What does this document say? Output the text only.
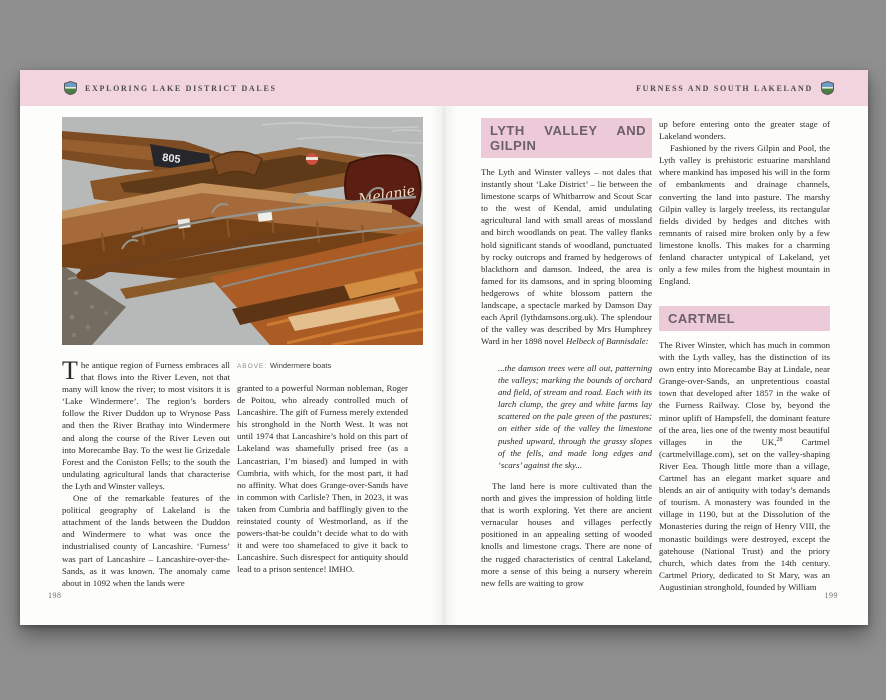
EXPLORING LAKE DISTRICT DALES	FURNESS AND SOUTH LAKELAND
805
Melanie
ABOVE: Windermere boats

The antique region of Furness embraces all that flows into the River Leven, not that many will know the river; to most visitors it is ‘Lake Windermere’. The region’s borders follow the River Duddon up to Wrynose Pass and then the River Brathay into Windermere and along the course of the River Leven out into Morecambe Bay. To the west lie Grizedale Forest and the Coniston Fells; to the south the undulating agricultural lands that characterise the Lyth and Winster valleys.

One of the remarkable features of the political geography of Lakeland is the attachment of the lands between the Duddon and Windermere to what was once the industrialised county of Lancashire. ‘Furness’ was part of Lancashire – Lancashire-over-the-Sands, as it was known. The anomaly came about in 1092 when the lands were

granted to a powerful Norman nobleman, Roger de Poitou, who already controlled much of Lancashire. The gift of Furness merely extended his stronghold in the North West. It was not until 1974 that Lancashire’s hold on this part of Lakeland was shamefully prised free (as a Lancastrian, I’m biased) and lumped in with Cumbria, with which, for the most part, it had no affinity. What does Grange-over-Sands have in common with Carlisle? Then, in 2023, it was taken from Cumbria and bafflingly given to the reinstated county of Westmorland, as if the powers-that-be couldn’t decide what to do with it and were too shamefaced to give it back to Lancashire. Such disrespect for antiquity should lead to a prison sentence! IMHO.

198
LYTH VALLEY AND GILPIN

The Lyth and Winster valleys – not dales that instantly shout ‘Lake District’ – lie between the limestone scarps of Whitbarrow and Scout Scar to the west of Kendal, amid undulating agricultural land with small areas of mossland and birch woodlands on peat. The valley flanks hold significant stands of woodland, punctuated by rocky outcrops and framed by hedgerows of blackthorn and damson. Indeed, the area is famed for its damsons, and in spring blooming hedgerows of white blossom pattern the landscape, a spectacle marked by Damson Day each April (lythdamsons.org.uk). The splendour of the valley was described by Mrs Humphrey Ward in her 1898 novel Helbeck of Bannisdale:

...the damson trees were all out, patterning the valleys; marking the bounds of orchard and field, of stream and road. Each with its larch clump, the grey and white farms lay scattered on the pale green of the pastures; on either side of the valley the limestone pushed upward, through the grassy slopes of the fells, and made long edges and ‘scars’ against the sky...

The land here is more cultivated than the north and gives the impression of holding little that is worth exploring. Yet there are ancient vernacular houses and villages perfectly positioned in an appealing setting of wooded knolls and limestone crags. There are none of the rugged characteristics of central Lakeland, more a sense of this being a nursery wherein new fells are waiting to grow

up before entering onto the greater stage of Lakeland wonders.

Fashioned by the rivers Gilpin and Pool, the Lyth valley is prehistoric estuarine marshland where mankind has imposed his will in the form of embankments and drainage channels, converting the land into pasture. The marshy Gilpin valley is largely treeless, its rectangular fields divided by hedges and ditches with remnants of raised mire broken only by a few limestone knolls. This makes for a charming fenland character untypical of Lakeland, yet only a few miles from the highest mountain in England.

CARTMEL

The River Winster, which has much in common with the Lyth valley, has the distinction of its own entry into Morecambe Bay at Lindale, near Grange-over-Sands, an unpretentious coastal town that developed after 1857 in the wake of the Furness Railway. Close by, beyond the minor uplift of Hampsfell, the dominant feature of the area, lies one of the twenty most beautiful villages in the UK,$^{28}$ Cartmel (cartmelvillage.com), set on the valley-shaping River Eea. Though little more than a village, Cartmel has an elegant market square and blends an air of antiquity with today’s demands of tourism. A monastery was founded in the village in 1190, but at the Dissolution of the Monasteries during the reign of Henry VIII, the monastic buildings were destroyed, except the gatehouse (National Trust) and the priory church, which dates from the 14th century. Cartmel Priory, dedicated to St Mary, was an Augustinian stronghold, founded by William

199
